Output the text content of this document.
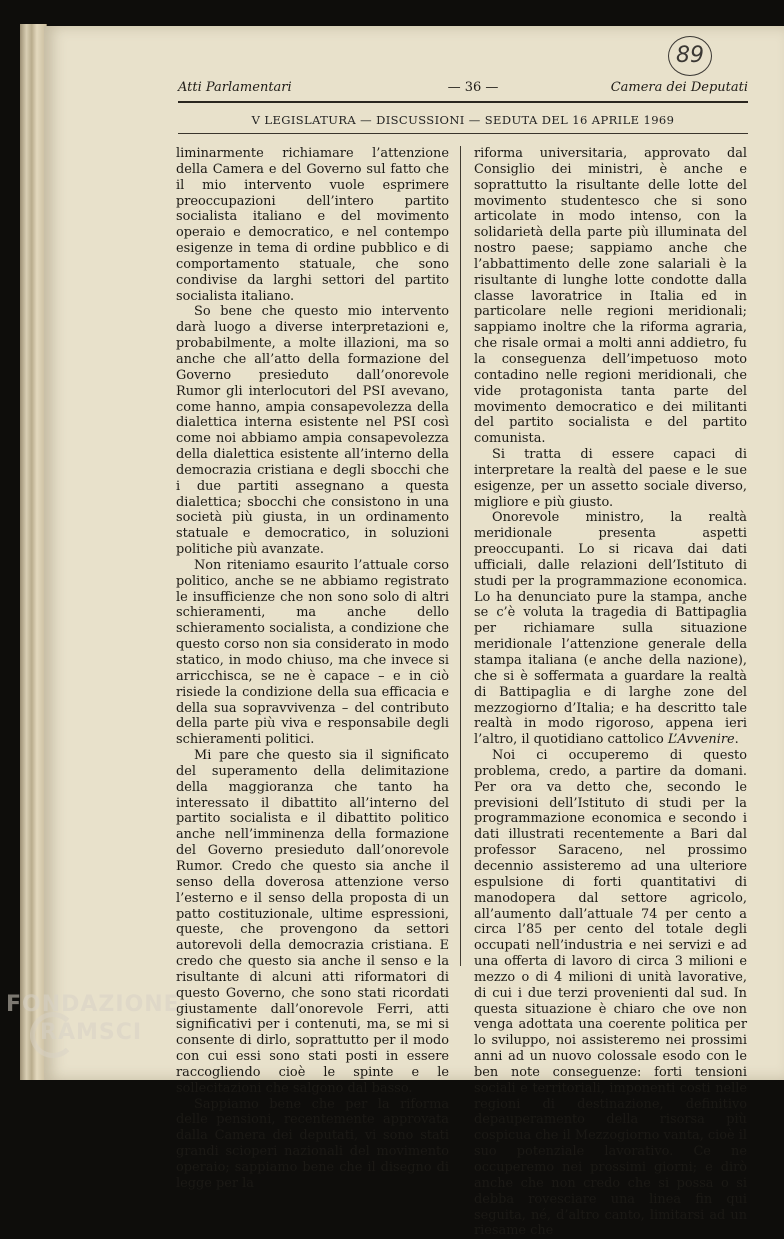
89
Atti Parlamentari	— 36 —	Camera dei Deputati
V LEGISLATURA — DISCUSSIONI — SEDUTA DEL 16 APRILE 1969

liminarmente richiamare l’attenzione della Camera e del Governo sul fatto che il mio intervento vuole esprimere preoccupazioni dell’intero partito socialista italiano e del movimento operaio e democratico, e nel contempo esigenze in tema di ordine pubblico e di comportamento statuale, che sono condivise da larghi settori del partito socialista italiano.

So bene che questo mio intervento darà luogo a diverse interpretazioni e, probabilmente, a molte illazioni, ma so anche che all’atto della formazione del Governo presieduto dall’onorevole Rumor gli interlocutori del PSI avevano, come hanno, ampia consapevolezza della dialettica interna esistente nel PSI così come noi abbiamo ampia consapevolezza della dialettica esistente all’interno della democrazia cristiana e degli sbocchi che i due partiti assegnano a questa dialettica; sbocchi che consistono in una società più giusta, in un ordinamento statuale e democratico, in soluzioni politiche più avanzate.

Non riteniamo esaurito l’attuale corso politico, anche se ne abbiamo registrato le insufficienze che non sono solo di altri schieramenti, ma anche dello schieramento socialista, a condizione che questo corso non sia considerato in modo statico, in modo chiuso, ma che invece si arricchisca, se ne è capace – e in ciò risiede la condizione della sua efficacia e della sua sopravvivenza – del contributo della parte più viva e responsabile degli schieramenti politici.

Mi pare che questo sia il significato del superamento della delimitazione della maggioranza che tanto ha interessato il dibattito all’interno del partito socialista e il dibattito politico anche nell’imminenza della formazione del Governo presieduto dall’onorevole Rumor. Credo che questo sia anche il senso della doverosa attenzione verso l’esterno e il senso della proposta di un patto costituzionale, ultime espressioni, queste, che provengono da settori autorevoli della democrazia cristiana. E credo che questo sia anche il senso e la risultante di alcuni atti riformatori di questo Governo, che sono stati ricordati giustamente dall’onorevole Ferri, atti significativi per i contenuti, ma, se mi si consente di dirlo, soprattutto per il modo con cui essi sono stati posti in essere raccogliendo cioè le spinte e le sollecitazioni che salgono dal basso.

Sappiamo bene che per la riforma delle pensioni, recentemente approvata dalla Camera dei deputati, vi sono stati grandi scioperi nazionali del movimento operaio; sappiamo bene che il disegno di legge per la

riforma universitaria, approvato dal Consiglio dei ministri, è anche e soprattutto la risultante delle lotte del movimento studentesco che si sono articolate in modo intenso, con la solidarietà della parte più illuminata del nostro paese; sappiamo anche che l’abbattimento delle zone salariali è la risultante di lunghe lotte condotte dalla classe lavoratrice in Italia ed in particolare nelle regioni meridionali; sappiamo inoltre che la riforma agraria, che risale ormai a molti anni addietro, fu la conseguenza dell’impetuoso moto contadino nelle regioni meridionali, che vide protagonista tanta parte del movimento democratico e dei militanti del partito socialista e del partito comunista.

Si tratta di essere capaci di interpretare la realtà del paese e le sue esigenze, per un assetto sociale diverso, migliore e più giusto.

Onorevole ministro, la realtà meridionale presenta aspetti preoccupanti. Lo si ricava dai dati ufficiali, dalle relazioni dell’Istituto di studi per la programmazione economica. Lo ha denunciato pure la stampa, anche se c’è voluta la tragedia di Battipaglia per richiamare sulla situazione meridionale l’attenzione generale della stampa italiana (e anche della nazione), che si è soffermata a guardare la realtà di Battipaglia e di larghe zone del mezzogiorno d’Italia; e ha descritto tale realtà in modo rigoroso, appena ieri l’altro, il quotidiano cattolico L’Avvenire.

Noi ci occuperemo di questo problema, credo, a partire da domani. Per ora va detto che, secondo le previsioni dell’Istituto di studi per la programmazione economica e secondo i dati illustrati recentemente a Bari dal professor Saraceno, nel prossimo decennio assisteremo ad una ulteriore espulsione di forti quantitativi di manodopera dal settore agricolo, all’aumento dall’attuale 74 per cento a circa l’85 per cento del totale degli occupati nell’industria e nei servizi e ad una offerta di lavoro di circa 3 milioni e mezzo o di 4 milioni di unità lavorative, di cui i due terzi provenienti dal sud. In questa situazione è chiaro che ove non venga adottata una coerente politica per lo sviluppo, noi assisteremo nei prossimi anni ad un nuovo colossale esodo con le ben note conseguenze: forti tensioni sociali e territoriali, imponenti costi nelle regioni di destinazione, definitivo depauperamento della risorsa più cospicua che il Mezzogiorno vanta, cioè il suo potenziale lavorativo. Ce ne occuperemo nei prossimi giorni; e dirò anche che non credo che si possa o si debba rovesciare una linea fin qui seguita, né, d’altro canto, limitarsi ad un riesame che

FONDAZIONE
RAMSCI
